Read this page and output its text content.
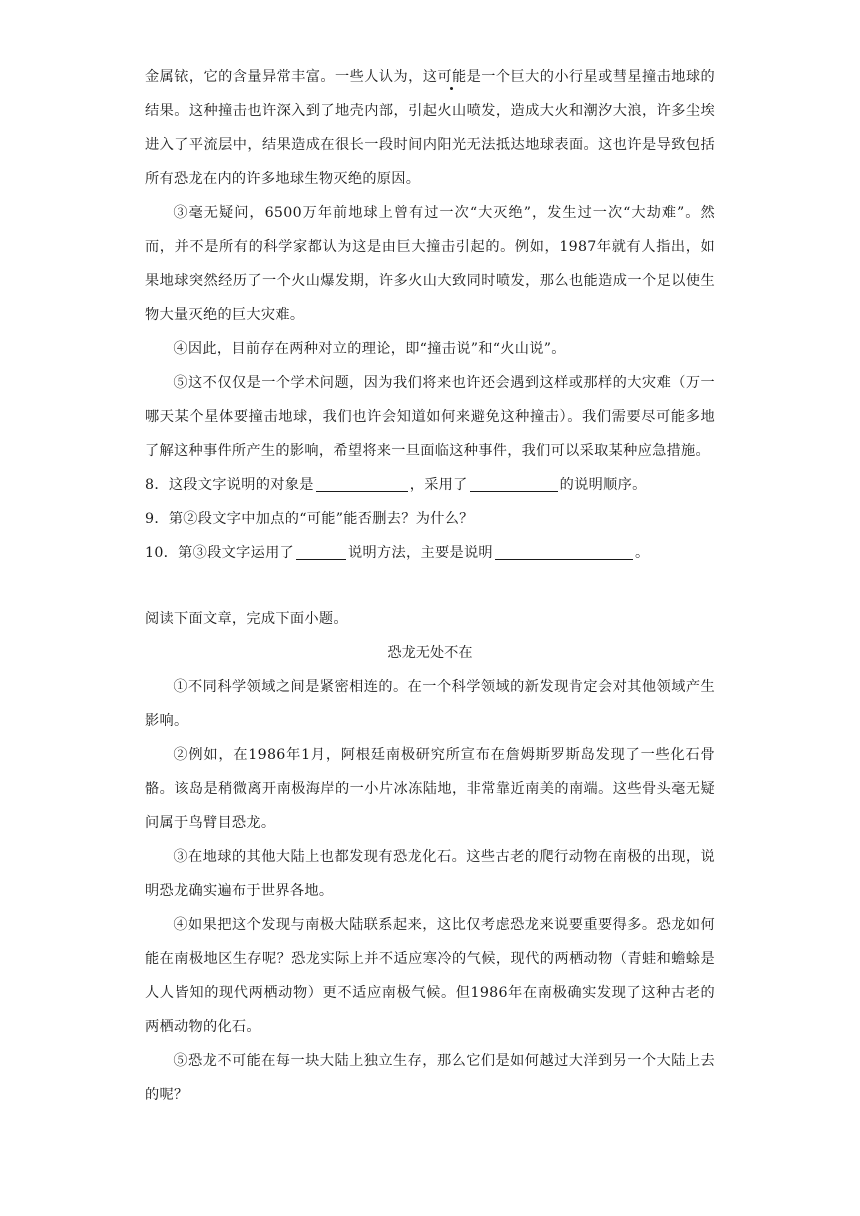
金属铱，它的含量异常丰富。一些人认为，这可能是一个巨大的小行星或彗星撞击地球的结果。这种撞击也许深入到了地壳内部，引起火山喷发，造成大火和潮汐大浪，许多尘埃进入了平流层中，结果造成在很长一段时间内阳光无法抵达地球表面。这也许是导致包括所有恐龙在内的许多地球生物灭绝的原因。

③毫无疑问，6500万年前地球上曾有过一次“大灭绝”，发生过一次“大劫难”。然而，并不是所有的科学家都认为这是由巨大撞击引起的。例如，1987年就有人指出，如果地球突然经历了一个火山爆发期，许多火山大致同时喷发，那么也能造成一个足以使生物大量灭绝的巨大灾难。

④因此，目前存在两种对立的理论，即“撞击说”和“火山说”。

⑤这不仅仅是一个学术问题，因为我们将来也许还会遇到这样或那样的大灾难（万一哪天某个星体要撞击地球，我们也许会知道如何来避免这种撞击）。我们需要尽可能多地了解这种事件所产生的影响，希望将来一旦面临这种事件，我们可以采取某种应急措施。

8．这段文字说明的对象是	，采用了	的说明顺序。

9．第②段文字中加点的“可能”能否删去？为什么？

10．第③段文字运用了	说明方法，主要是说明	。

阅读下面文章，完成下面小题。

恐龙无处不在

①不同科学领域之间是紧密相连的。在一个科学领域的新发现肯定会对其他领域产生影响。

②例如，在1986年1月，阿根廷南极研究所宣布在詹姆斯罗斯岛发现了一些化石骨骼。该岛是稍微离开南极海岸的一小片冰冻陆地，非常靠近南美的南端。这些骨头毫无疑问属于鸟臂目恐龙。

③在地球的其他大陆上也都发现有恐龙化石。这些古老的爬行动物在南极的出现，说明恐龙确实遍布于世界各地。

④如果把这个发现与南极大陆联系起来，这比仅考虑恐龙来说要重要得多。恐龙如何能在南极地区生存呢？恐龙实际上并不适应寒冷的气候，现代的两栖动物（青蛙和蟾蜍是人人皆知的现代两栖动物）更不适应南极气候。但1986年在南极确实发现了这种古老的两栖动物的化石。

⑤恐龙不可能在每一块大陆上独立生存，那么它们是如何越过大洋到另一个大陆上去的呢？
